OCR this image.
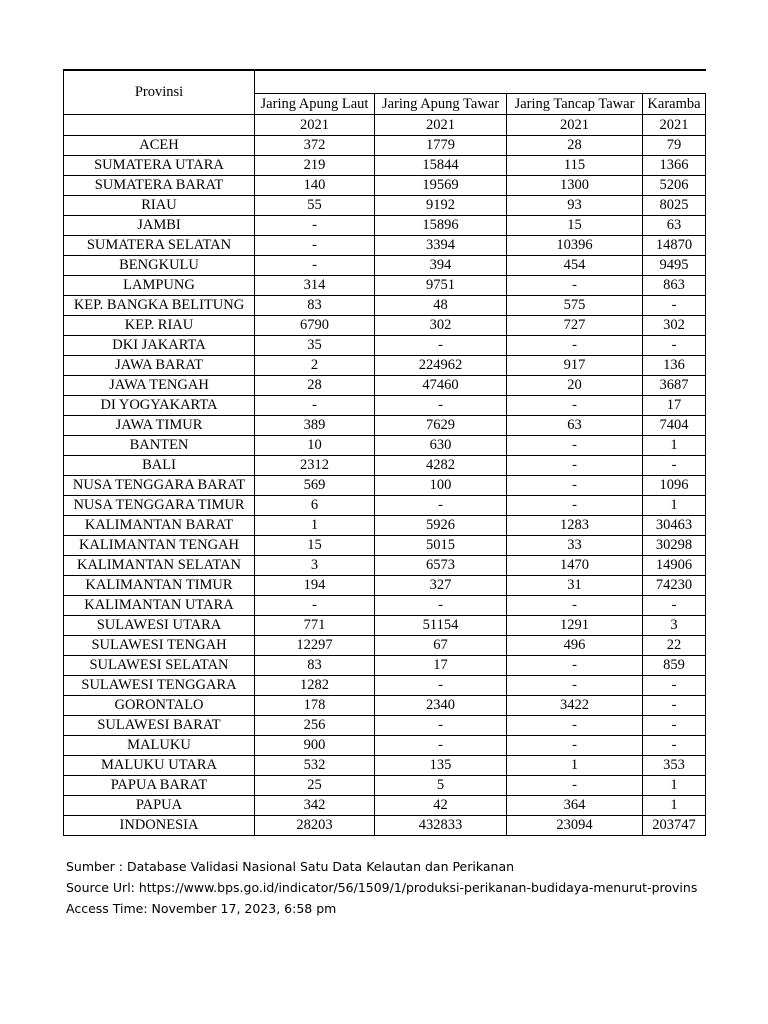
Provinsi				
	Jaring Apung Laut	Jaring Apung Tawar	Jaring Tancap Tawar	Karamba
	2021	2021	2021	2021
ACEH	372	1779	28	79
SUMATERA UTARA	219	15844	115	1366
SUMATERA BARAT	140	19569	1300	5206
RIAU	55	9192	93	8025
JAMBI	-	15896	15	63
SUMATERA SELATAN	-	3394	10396	14870
BENGKULU	-	394	454	9495
LAMPUNG	314	9751	-	863
KEP. BANGKA BELITUNG	83	48	575	-
KEP. RIAU	6790	302	727	302
DKI JAKARTA	35	-	-	-
JAWA BARAT	2	224962	917	136
JAWA TENGAH	28	47460	20	3687
DI YOGYAKARTA	-	-	-	17
JAWA TIMUR	389	7629	63	7404
BANTEN	10	630	-	1
BALI	2312	4282	-	-
NUSA TENGGARA BARAT	569	100	-	1096
NUSA TENGGARA TIMUR	6	-	-	1
KALIMANTAN BARAT	1	5926	1283	30463
KALIMANTAN TENGAH	15	5015	33	30298
KALIMANTAN SELATAN	3	6573	1470	14906
KALIMANTAN TIMUR	194	327	31	74230
KALIMANTAN UTARA	-	-	-	-
SULAWESI UTARA	771	51154	1291	3
SULAWESI TENGAH	12297	67	496	22
SULAWESI SELATAN	83	17	-	859
SULAWESI TENGGARA	1282	-	-	-
GORONTALO	178	2340	3422	-
SULAWESI BARAT	256	-	-	-
MALUKU	900	-	-	-
MALUKU UTARA	532	135	1	353
PAPUA BARAT	25	5	-	1
PAPUA	342	42	364	1
INDONESIA	28203	432833	23094	203747
Sumber : Database Validasi Nasional Satu Data Kelautan dan Perikanan
Source Url: https://www.bps.go.id/indicator/56/1509/1/produksi-perikanan-budidaya-menurut-provins
Access Time: November 17, 2023, 6:58 pm
